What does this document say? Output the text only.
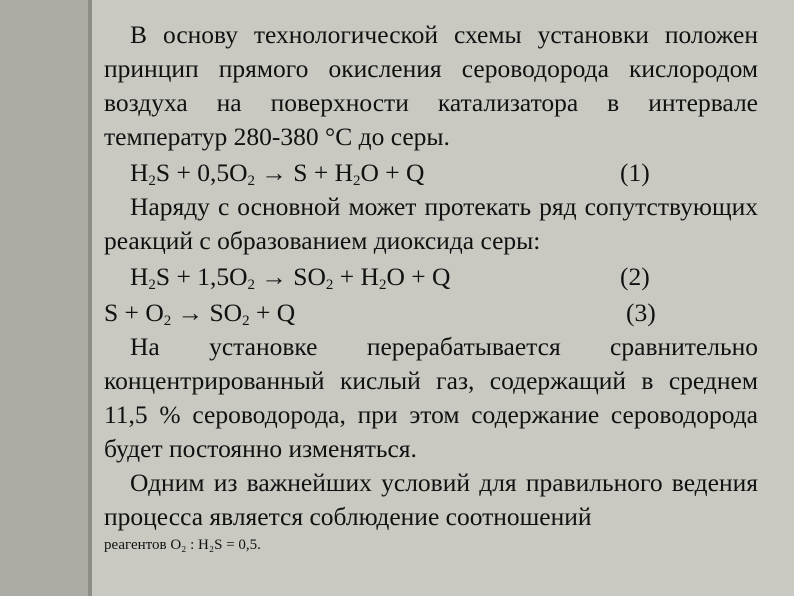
В основу технологической схемы установки положен принцип прямого окисления сероводорода кислородом воздуха на поверхности катализатора в интервале температур 280-380 °С до серы.

$H_2S + 0,5O_2 \to S + H_2O + Q$	(1)

Наряду с основной может протекать ряд сопутствующих реакций с образованием диоксида серы:

$H_2S + 1,5O_2 \to SO_2 + H_2O + Q$	(2)
$S + O_2 \to SO_2 + Q$	(3)

На установке перерабатывается сравнительно концентрированный кислый газ, содержащий в среднем 11,5 % сероводорода, при этом содержание сероводорода будет постоянно изменяться.

Одним из важнейших условий для правильного ведения процесса является соблюдение соотношений

реагентов O₂ : H₂S = 0,5.
